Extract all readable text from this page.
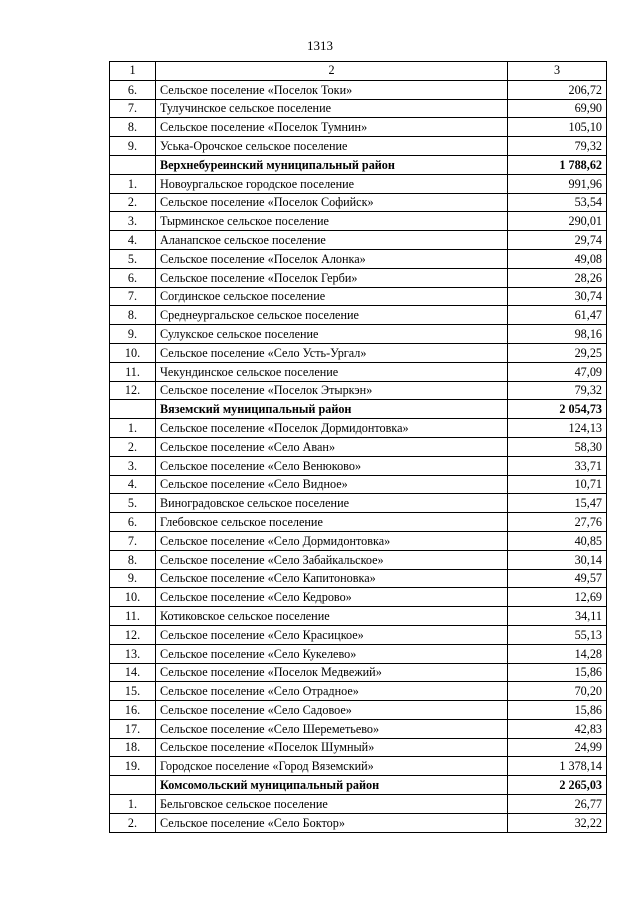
1313
1	2	3
6.	Сельское поселение «Поселок Токи»	206,72
7.	Тулучинское сельское поселение	69,90
8.	Сельское поселение «Поселок Тумнин»	105,10
9.	Уська-Орочское сельское поселение	79,32
	Верхнебуреинский муниципальный район	1 788,62
1.	Новоургальское городское поселение	991,96
2.	Сельское поселение «Поселок Софийск»	53,54
3.	Тырминское сельское поселение	290,01
4.	Аланапское сельское поселение	29,74
5.	Сельское поселение «Поселок Алонка»	49,08
6.	Сельское поселение «Поселок Герби»	28,26
7.	Согдинское сельское поселение	30,74
8.	Среднеургальское сельское поселение	61,47
9.	Сулукское сельское поселение	98,16
10.	Сельское поселение «Село Усть-Ургал»	29,25
11.	Чекундинское сельское поселение	47,09
12.	Сельское поселение «Поселок Этыркэн»	79,32
	Вяземский муниципальный район	2 054,73
1.	Сельское поселение «Поселок Дормидонтовка»	124,13
2.	Сельское поселение «Село Аван»	58,30
3.	Сельское поселение «Село Венюково»	33,71
4.	Сельское поселение «Село Видное»	10,71
5.	Виноградовское сельское поселение	15,47
6.	Глебовское сельское поселение	27,76
7.	Сельское поселение «Село Дормидонтовка»	40,85
8.	Сельское поселение «Село Забайкальское»	30,14
9.	Сельское поселение «Село Капитоновка»	49,57
10.	Сельское поселение «Село Кедрово»	12,69
11.	Котиковское сельское поселение	34,11
12.	Сельское поселение «Село Красицкое»	55,13
13.	Сельское поселение «Село Кукелево»	14,28
14.	Сельское поселение «Поселок Медвежий»	15,86
15.	Сельское поселение «Село Отрадное»	70,20
16.	Сельское поселение «Село Садовое»	15,86
17.	Сельское поселение «Село Шереметьево»	42,83
18.	Сельское поселение «Поселок Шумный»	24,99
19.	Городское поселение «Город Вяземский»	1 378,14
	Комсомольский муниципальный район	2 265,03
1.	Бельговское сельское поселение	26,77
2.	Сельское поселение «Село Боктор»	32,22
